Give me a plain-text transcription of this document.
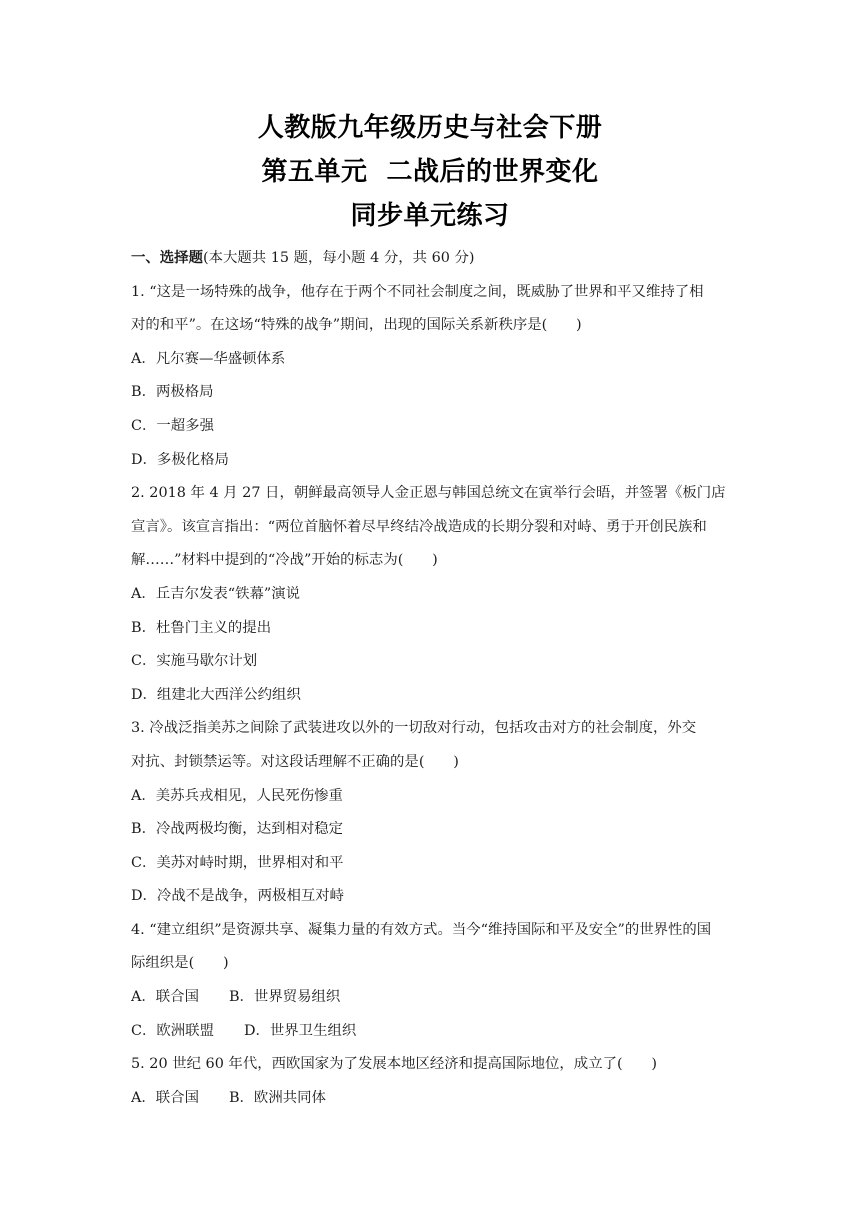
人教版九年级历史与社会下册
第五单元  二战后的世界变化
同步单元练习
一、选择题(本大题共 15 题，每小题 4 分，共 60 分)
1. “这是一场特殊的战争，他存在于两个不同社会制度之间，既威胁了世界和平又维持了相
对的和平”。在这场“特殊的战争”期间，出现的国际关系新秩序是(　　)
A．凡尔赛—华盛顿体系
B．两极格局
C．一超多强
D．多极化格局
2. 2018 年 4 月 27 日，朝鲜最高领导人金正恩与韩国总统文在寅举行会晤，并签署《板门店
宣言》。该宣言指出：“两位首脑怀着尽早终结冷战造成的长期分裂和对峙、勇于开创民族和
解……”材料中提到的“冷战”开始的标志为(　　)
A．丘吉尔发表“铁幕”演说
B．杜鲁门主义的提出
C．实施马歇尔计划
D．组建北大西洋公约组织
3. 冷战泛指美苏之间除了武装进攻以外的一切敌对行动，包括攻击对方的社会制度，外交
对抗、封锁禁运等。对这段话理解不正确的是(　　)
A．美苏兵戎相见，人民死伤惨重
B．冷战两极均衡，达到相对稳定
C．美苏对峙时期，世界相对和平
D．冷战不是战争，两极相互对峙
4. “建立组织”是资源共享、凝集力量的有效方式。当今“维持国际和平及安全”的世界性的国
际组织是(　　)
A．联合国 B．世界贸易组织
C．欧洲联盟 D．世界卫生组织
5. 20 世纪 60 年代，西欧国家为了发展本地区经济和提高国际地位，成立了(　　)
A．联合国 B．欧洲共同体
